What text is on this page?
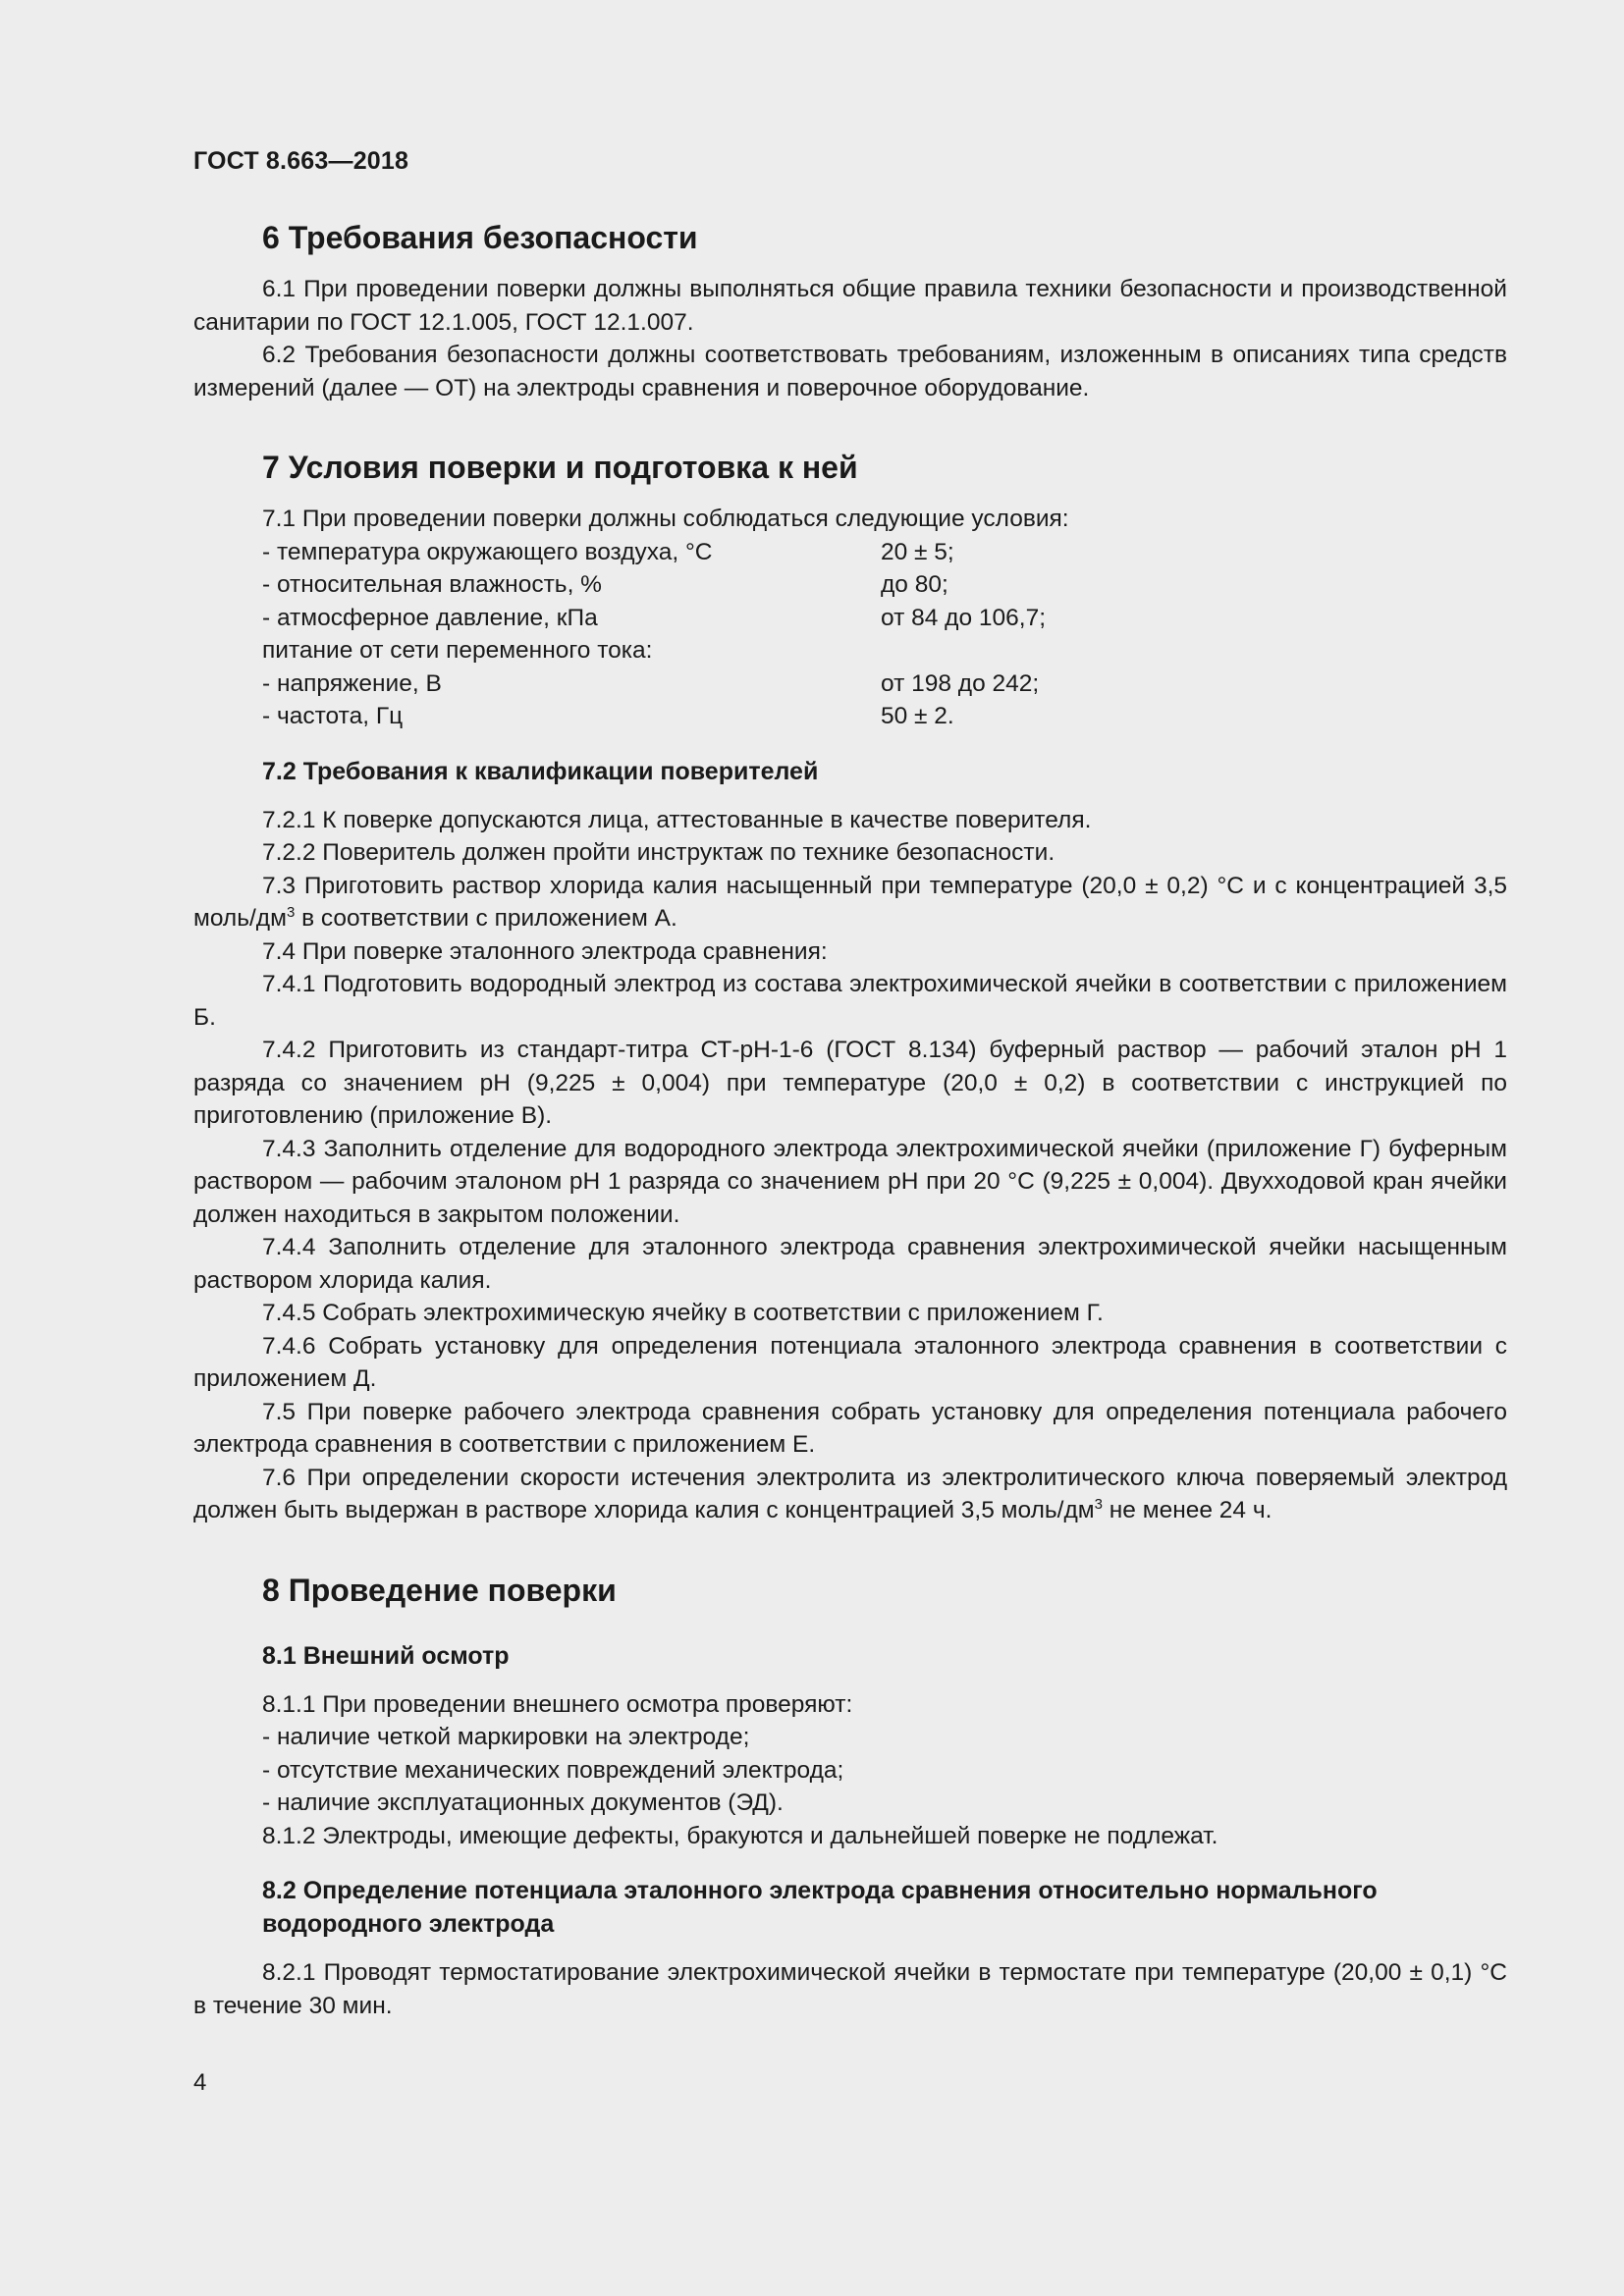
ГОСТ 8.663—2018
6 Требования безопасности

6.1 При проведении поверки должны выполняться общие правила техники безопасности и производственной санитарии по ГОСТ 12.1.005, ГОСТ 12.1.007.

6.2 Требования безопасности должны соответствовать требованиям, изложенным в описаниях типа средств измерений (далее — ОТ) на электроды сравнения и поверочное оборудование.

7 Условия поверки и подготовка к ней

7.1 При проведении поверки должны соблюдаться следующие условия:

- температура окружающего воздуха, °С	20 ± 5;
- относительная влажность, %	до 80;
- атмосферное давление, кПа	от 84 до 106,7;
питание от сети переменного тока:
- напряжение, В	от 198 до 242;
- частота, Гц	50 ± 2.
7.2 Требования к квалификации поверителей

7.2.1 К поверке допускаются лица, аттестованные в качестве поверителя.

7.2.2 Поверитель должен пройти инструктаж по технике безопасности.

7.3 Приготовить раствор хлорида калия насыщенный при температуре (20,0 ± 0,2) °С и с концентрацией 3,5 моль/$дм^3$ в соответствии с приложением А.

7.4 При поверке эталонного электрода сравнения:

7.4.1 Подготовить водородный электрод из состава электрохимической ячейки в соответствии с приложением Б.

7.4.2 Приготовить из стандарт-титра СТ-рН-1-6 (ГОСТ 8.134) буферный раствор — рабочий эталон рН 1 разряда со значением рН (9,225 ± 0,004) при температуре (20,0 ± 0,2) в соответствии с инструкцией по приготовлению (приложение В).

7.4.3 Заполнить отделение для водородного электрода электрохимической ячейки (приложение Г) буферным раствором — рабочим эталоном рН 1 разряда со значением рН при 20 °С (9,225 ± 0,004). Двухходовой кран ячейки должен находиться в закрытом положении.

7.4.4 Заполнить отделение для эталонного электрода сравнения электрохимической ячейки насыщенным раствором хлорида калия.

7.4.5 Собрать электрохимическую ячейку в соответствии с приложением Г.

7.4.6 Собрать установку для определения потенциала эталонного электрода сравнения в соответствии с приложением Д.

7.5 При поверке рабочего электрода сравнения собрать установку для определения потенциала рабочего электрода сравнения в соответствии с приложением Е.

7.6 При определении скорости истечения электролита из электролитического ключа поверяемый электрод должен быть выдержан в растворе хлорида калия с концентрацией 3,5 моль/$дм^3$ не менее 24 ч.

8 Проведение поверки
8.1 Внешний осмотр

8.1.1 При проведении внешнего осмотра проверяют:

- наличие четкой маркировки на электроде;
- отсутствие механических повреждений электрода;
- наличие эксплуатационных документов (ЭД).

8.1.2 Электроды, имеющие дефекты, бракуются и дальнейшей поверке не подлежат.

8.2 Определение потенциала эталонного электрода сравнения относительно нормального водородного электрода

8.2.1 Проводят термостатирование электрохимической ячейки в термостате при температуре (20,00 ± 0,1) °С в течение 30 мин.

4
